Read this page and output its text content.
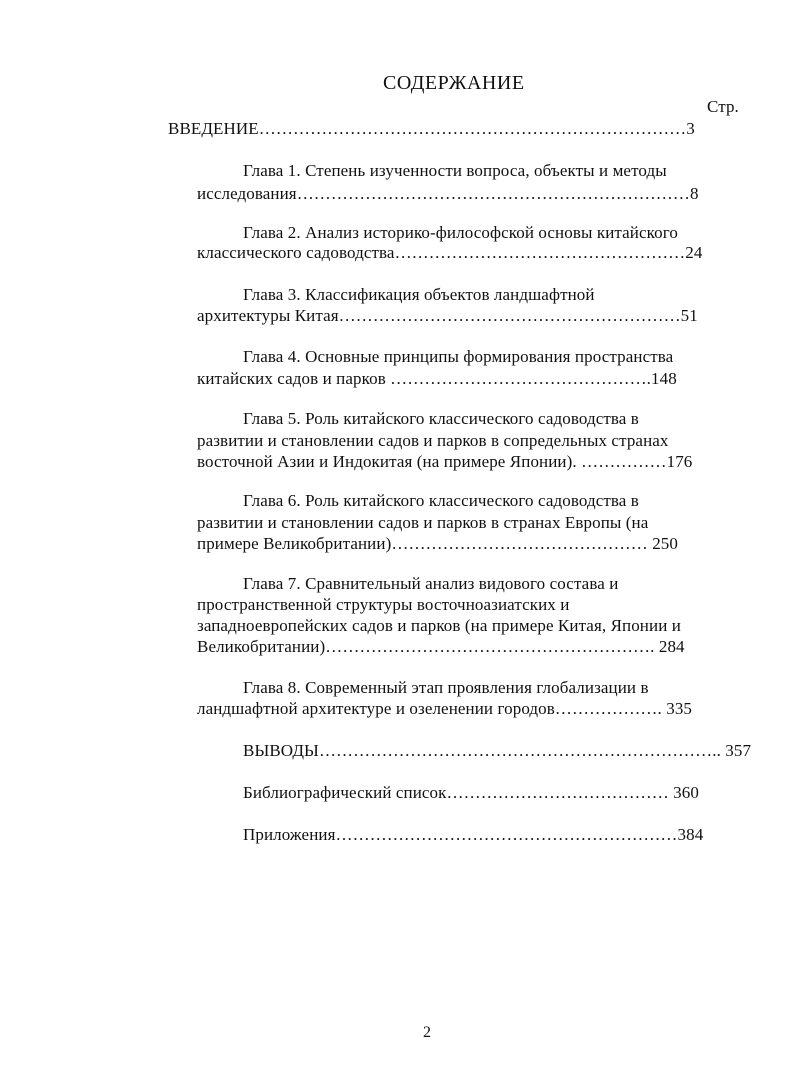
СОДЕРЖАНИЕ
Стр.
ВВЕДЕНИЕ…………………………………………………………………3
Глава 1. Степень изученности вопроса, объекты и методы
исследования……………………………………………………………8
Глава 2. Анализ историко-философской основы китайского
классического садоводства……………………………………………24
Глава 3. Классификация объектов ландшафтной
архитектуры Китая……………………………………………………51
Глава 4. Основные принципы формирования пространства
китайских садов и парков ……………………………………….148
Глава 5. Роль китайского классического садоводства в
развитии и становлении садов и парков в сопредельных странах
восточной Азии и Индокитая (на примере Японии). ……………176
Глава 6. Роль китайского классического садоводства в
развитии и становлении садов и парков в странах Европы (на
примере Великобритании)……………………………………… 250
Глава 7. Сравнительный анализ видового состава и
пространственной структуры восточноазиатских и
западноевропейских садов и парков (на примере Китая, Японии и
Великобритании)…………………………………………………. 284
Глава 8. Современный этап проявления глобализации в
ландшафтной архитектуре и озеленении городов………………. 335
ВЫВОДЫ…………………………………………………………….. 357
Библиографический список………………………………… 360
Приложения……………………………………………………384
2
